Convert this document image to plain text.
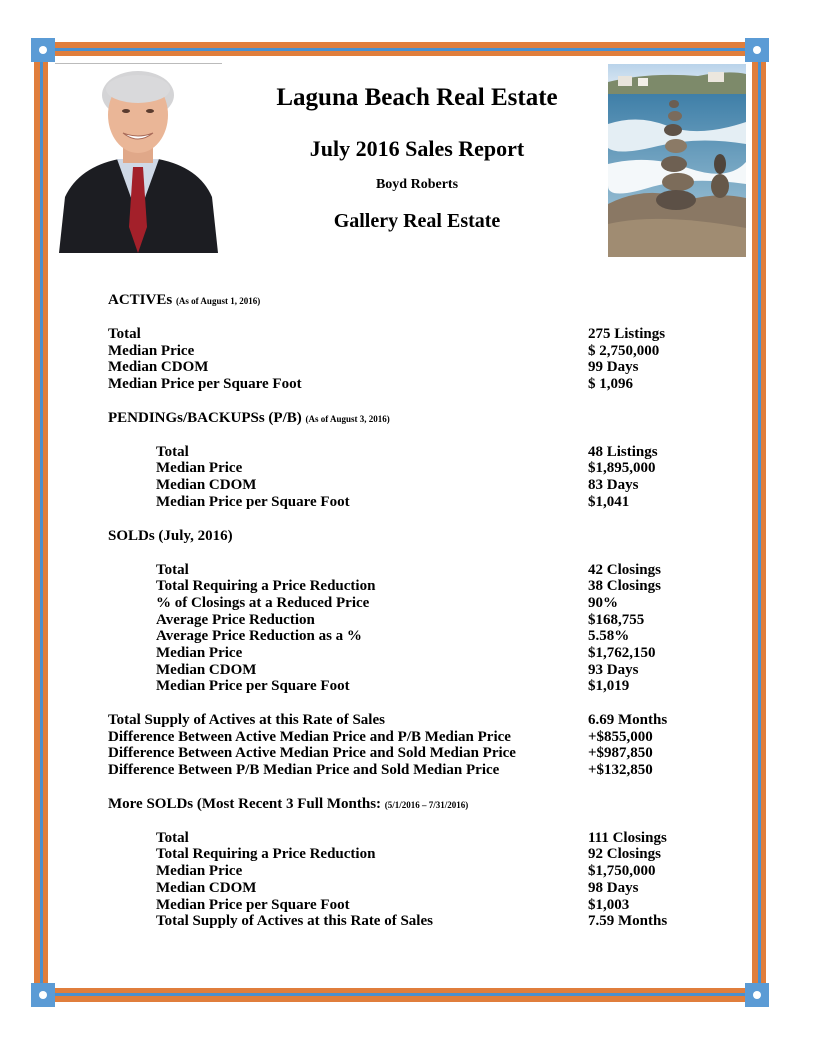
Laguna Beach Real Estate
July 2016 Sales Report
Boyd Roberts
Gallery Real Estate
ACTIVEs (As of August 1, 2016)
Total	275 Listings
Median Price	$ 2,750,000
Median CDOM	99 Days
Median Price per Square Foot	$ 1,096
PENDINGs/BACKUPSs (P/B) (As of August 3, 2016)
Total	48 Listings
Median Price	$1,895,000
Median CDOM	83 Days
Median Price per Square Foot	$1,041
SOLDs (July, 2016)
Total	42 Closings
Total Requiring a Price Reduction	38 Closings
% of Closings at a Reduced Price	90%
Average Price Reduction	$168,755
Average Price Reduction as a %	5.58%
Median Price	$1,762,150
Median CDOM	93 Days
Median Price per Square Foot	$1,019
Total Supply of Actives at this Rate of Sales	6.69 Months
Difference Between Active Median Price and P/B Median Price	+$855,000
Difference Between Active Median Price and Sold Median Price	+$987,850
Difference Between P/B Median Price and Sold Median Price	+$132,850
More SOLDs (Most Recent 3 Full Months: (5/1/2016 – 7/31/2016)
Total	111 Closings
Total Requiring a Price Reduction	92 Closings
Median Price	$1,750,000
Median CDOM	98 Days
Median Price per Square Foot	$1,003
Total Supply of Actives at this Rate of Sales	7.59 Months
